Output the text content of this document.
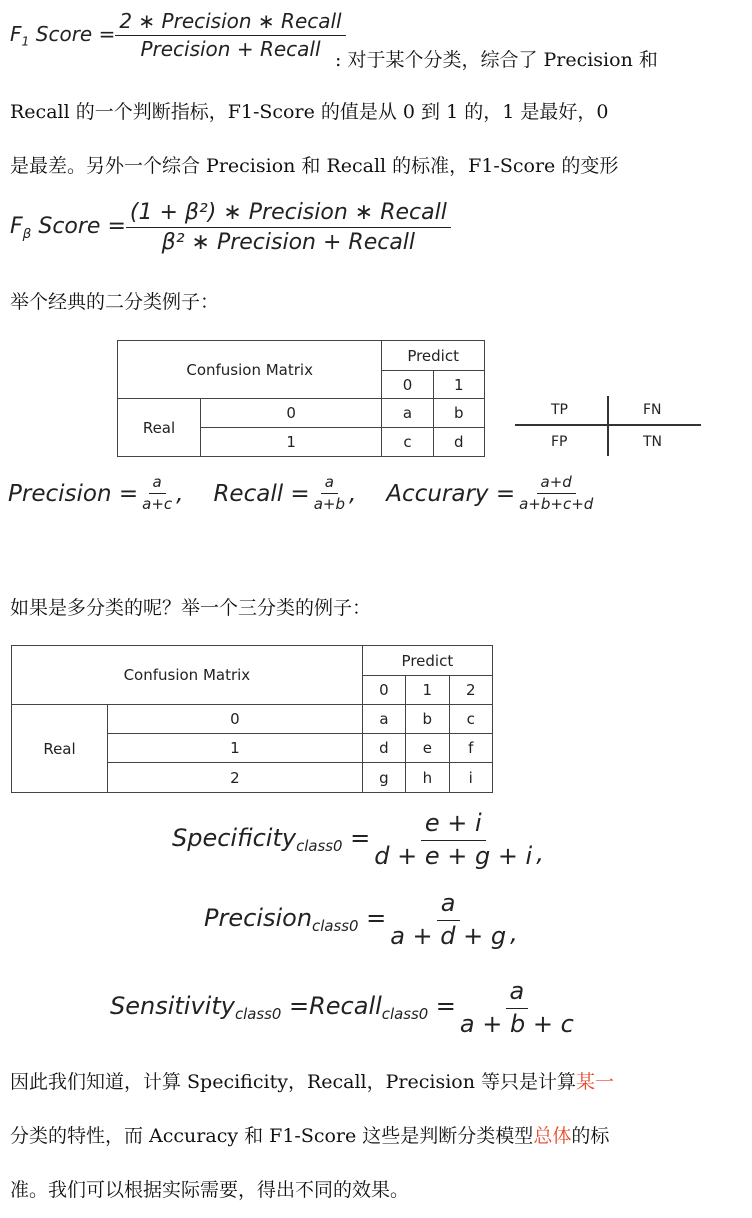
$F_1$ Score = $\frac{\text{2 ∗ Precision ∗ Recall}}{\text{Precision + Recall}}$
: 对于某个分类，综合了 Precision 和
Recall 的一个判断指标，F1-Score 的值是从 0 到 1 的，1 是最好，0
是最差。另外一个综合 Precision 和 Recall 的标准，F1-Score 的变形
$F_\beta$ Score = $\frac{\text{(1 + β²) ∗ Precision ∗ Recall}}{\text{β² ∗ Precision + Recall}}$
举个经典的二分类例子：
Confusion Matrix		Predict	
		0	1
Real	0	a	b
	1	c	d
TP	FN
FP	TN
Precision = $\frac{a}{a+c}$ , Recall = $\frac{a}{a+b}$ , Accurary = $\frac{a+d}{a+b+c+d}$
如果是多分类的呢？举一个三分类的例子：
Confusion Matrix		Predict		
		0	1	2
Real	0	a	b	c
	1	d	e	f
	2	g	h	i
Specificity$_{class0}$ = $\frac{e + i}{d + e + g + i}$ ,
Precision$_{class0}$ = $\frac{a}{a + d + g}$ ,
Sensitivity$_{class0}$ = Recall$_{class0}$ = $\frac{a}{a + b + c}$
因此我们知道，计算 Specificity，Recall，Precision 等只是计算某一
分类的特性，而 Accuracy 和 F1-Score 这些是判断分类模型总体的标
准。我们可以根据实际需要，得出不同的效果。
